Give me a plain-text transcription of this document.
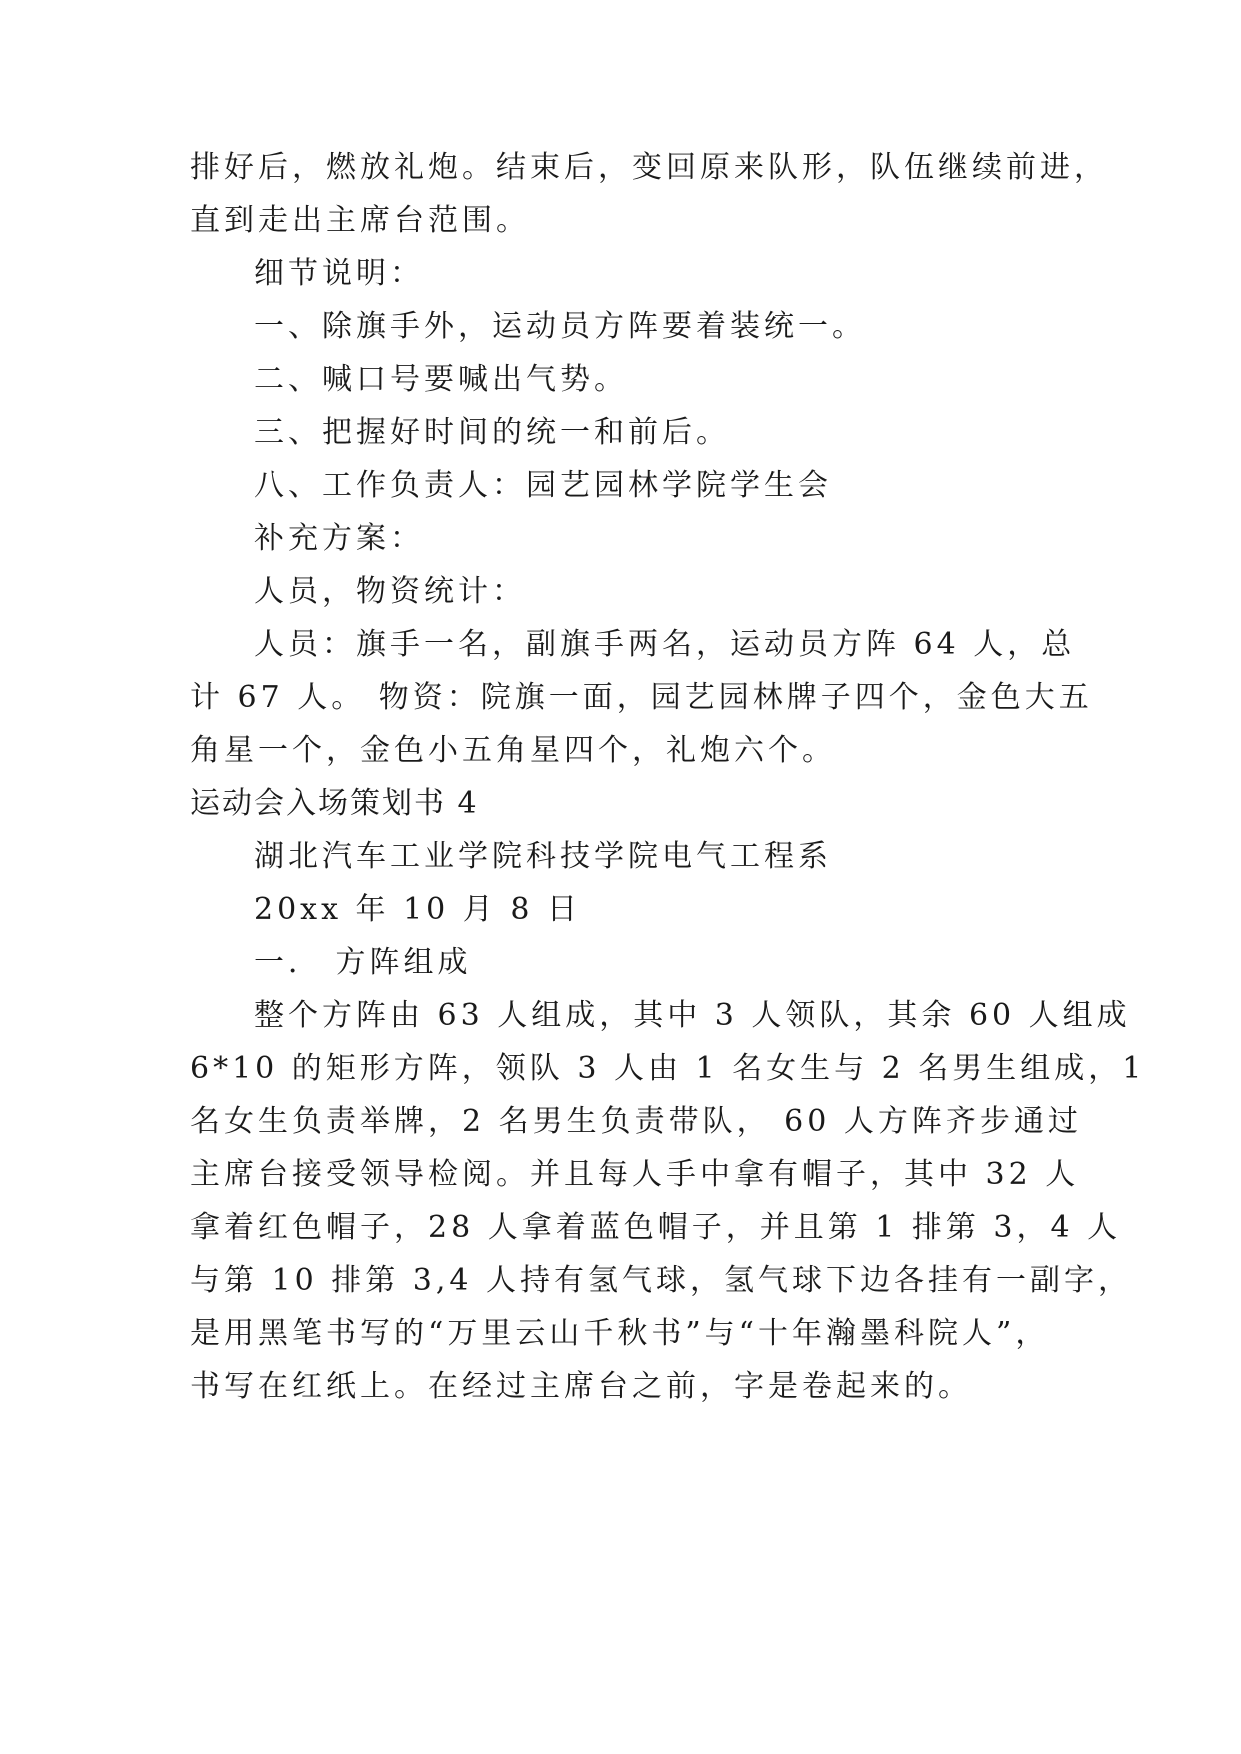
排好后，燃放礼炮。结束后，变回原来队形，队伍继续前进，
直到走出主席台范围。
细节说明：
一、除旗手外，运动员方阵要着装统一。
二、喊口号要喊出气势。
三、把握好时间的统一和前后。
八、工作负责人：园艺园林学院学生会
补充方案：
人员，物资统计：
人员：旗手一名，副旗手两名，运动员方阵 64 人，总
计 67 人。 物资：院旗一面，园艺园林牌子四个，金色大五
角星一个，金色小五角星四个，礼炮六个。
运动会入场策划书 4
湖北汽车工业学院科技学院电气工程系
20xx 年 10 月 8 日
一． 方阵组成
整个方阵由 63 人组成，其中 3 人领队，其余 60 人组成
6*10 的矩形方阵，领队 3 人由 1 名女生与 2 名男生组成，1
名女生负责举牌，2 名男生负责带队， 60 人方阵齐步通过
主席台接受领导检阅。并且每人手中拿有帽子，其中 32 人
拿着红色帽子，28 人拿着蓝色帽子，并且第 1 排第 3，4 人
与第 10 排第 3,4 人持有氢气球，氢气球下边各挂有一副字，
是用黑笔书写的“万里云山千秋书”与“十年瀚墨科院人”，
书写在红纸上。在经过主席台之前，字是卷起来的。
